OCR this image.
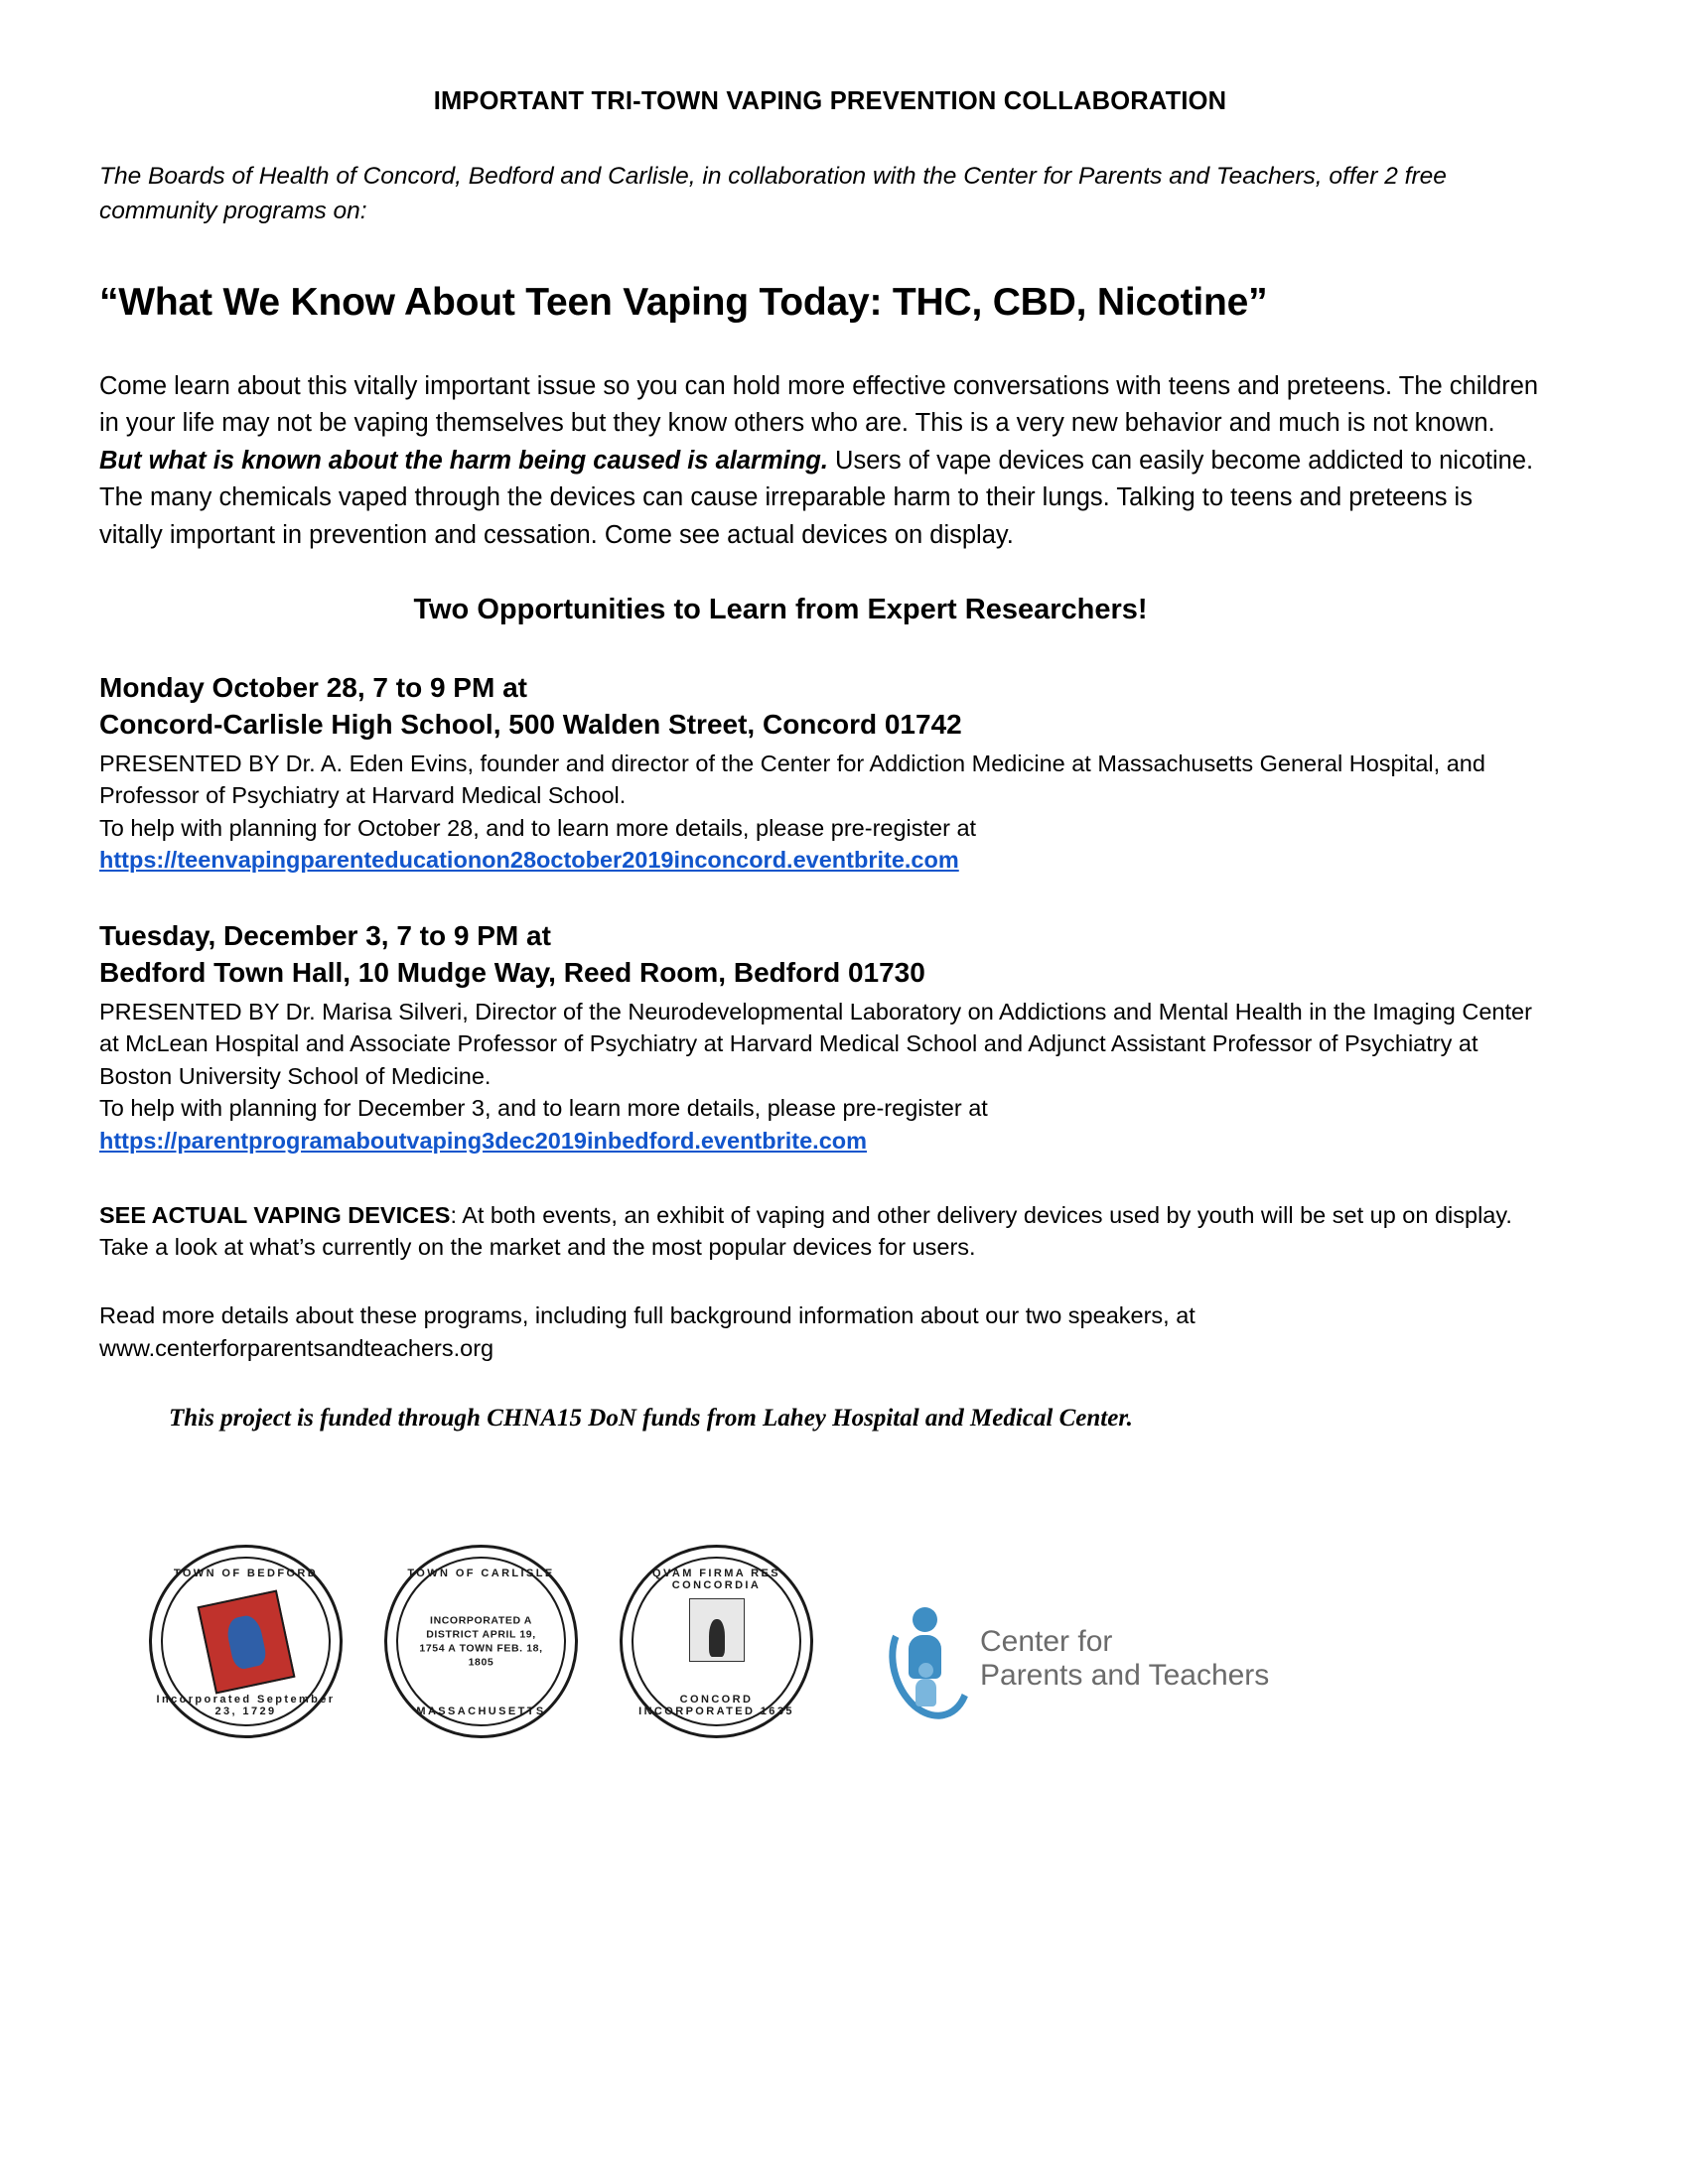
IMPORTANT TRI-TOWN VAPING PREVENTION COLLABORATION
The Boards of Health of Concord, Bedford and Carlisle, in collaboration with the Center for Parents and Teachers, offer 2 free community programs on:
“What We Know About Teen Vaping Today: THC, CBD, Nicotine”
Come learn about this vitally important issue so you can hold more effective conversations with teens and preteens. The children in your life may not be vaping themselves but they know others who are. This is a very new behavior and much is not known. But what is known about the harm being caused is alarming. Users of vape devices can easily become addicted to nicotine. The many chemicals vaped through the devices can cause irreparable harm to their lungs. Talking to teens and preteens is vitally important in prevention and cessation. Come see actual devices on display.
Two Opportunities to Learn from Expert Researchers!
Monday October 28, 7 to 9 PM at
Concord-Carlisle High School, 500 Walden Street, Concord 01742
PRESENTED BY Dr. A. Eden Evins, founder and director of the Center for Addiction Medicine at Massachusetts General Hospital, and Professor of Psychiatry at Harvard Medical School.
To help with planning for October 28, and to learn more details, please pre-register at
https://teenvapingparenteducationon28october2019inconcord.eventbrite.com
Tuesday, December 3, 7 to 9 PM at
Bedford Town Hall, 10 Mudge Way, Reed Room, Bedford 01730
PRESENTED BY Dr. Marisa Silveri, Director of the Neurodevelopmental Laboratory on Addictions and Mental Health in the Imaging Center at McLean Hospital and Associate Professor of Psychiatry at Harvard Medical School and Adjunct Assistant Professor of Psychiatry at Boston University School of Medicine.
To help with planning for December 3, and to learn more details, please pre-register at
https://parentprogramaboutvaping3dec2019inbedford.eventbrite.com
SEE ACTUAL VAPING DEVICES: At both events, an exhibit of vaping and other delivery devices used by youth will be set up on display. Take a look at what’s currently on the market and the most popular devices for users.
Read more details about these programs, including full background information about our two speakers, at www.centerforparentsandteachers.org
This project is funded through CHNA15 DoN funds from Lahey Hospital and Medical Center.
TOWN OF BEDFORD
Incorporated September 23, 1729
TOWN OF CARLISLE
INCORPORATED A DISTRICT APRIL 19, 1754 A TOWN FEB. 18, 1805
MASSACHUSETTS
QVAM FIRMA RES CONCORDIA
CONCORD INCORPORATED 1635
Center for
Parents and Teachers
